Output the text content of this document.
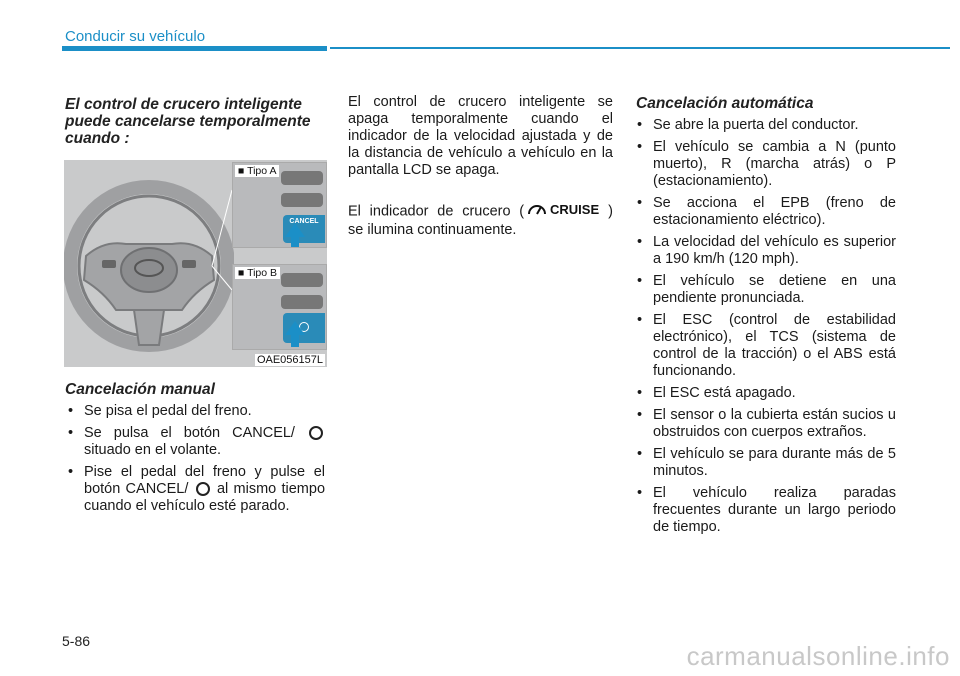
Conducir su vehículo
El control de crucero inteligente puede cancelarse temporalmente cuando :
CANCEL
■ Tipo A
■ Tipo B
OAE056157L
Cancelación manual
• Se pisa el pedal del freno.
• Se pulsa el botón CANCEL/  situado en el volante.
• Pise el pedal del freno y pulse el botón CANCEL/ al mismo tiempo cuando el vehículo esté parado.
El control de crucero inteligente se apaga temporalmente cuando el indicador de la velocidad ajustada y de la distancia de vehículo a vehículo en la pantalla LCD se apaga.
El indicador de crucero ( CRUISE ) se ilumina continuamente.
Cancelación automática
• Se abre la puerta del conductor.
• El vehículo se cambia a N (punto muerto), R (marcha atrás) o P (estacionamiento).
• Se acciona el EPB (freno de estacionamiento eléctrico).
• La velocidad del vehículo es superior a 190 km/h (120 mph).
• El vehículo se detiene en una pendiente pronunciada.
• El ESC (control de estabilidad electrónico), el TCS (sistema de control de la tracción) o el ABS está funcionando.
• El ESC está apagado.
• El sensor o la cubierta están sucios u obstruidos con cuerpos extraños.
• El vehículo se para durante más de 5 minutos.
• El vehículo realiza paradas frecuentes durante un largo periodo de tiempo.
5-86	carmanualsonline.info
